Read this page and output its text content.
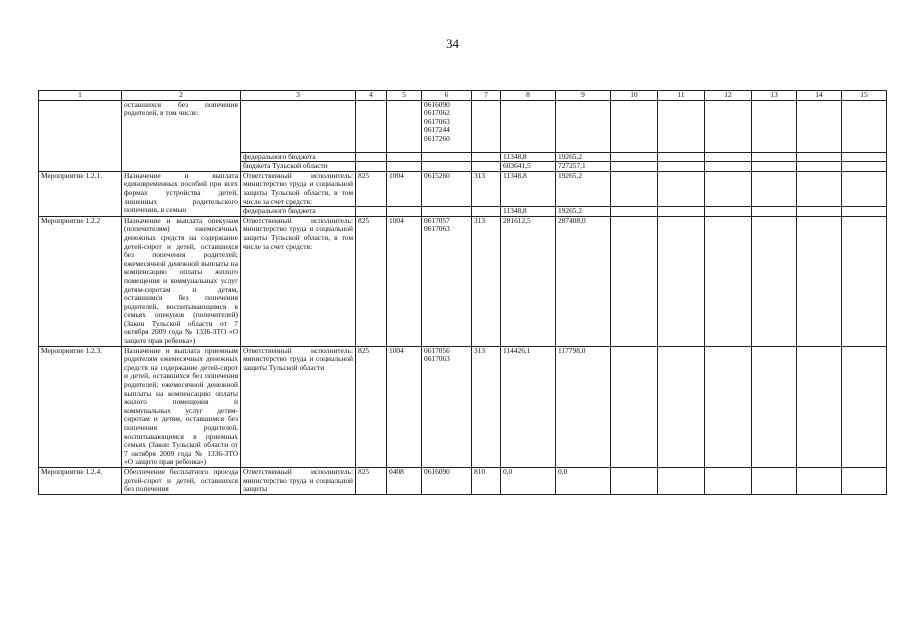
34
1	2	3	4	5	6	7	8	9	10	11	12	13	14	15
	оставшихся без попечения родителей, в том числе:				0616090
0617062
0617063
0617244
0617260									

		федерального бюджета					11348,8	19265,2						
		бюджета Тульской области					603641,5	727257,1						
Мероприятие 1.2.1.	Назначение и выплата единовременных пособий при всех формах устройства детей, лишенных родительского попечения, в семью	Ответственный исполнитель: министерство труда и социальной защиты Тульской области, в том числе за счет средств:	825	1004	0615260	313	11348,8	19265,2						
		федерального бюджета					11348,8	19265,2						
Мероприятие 1.2.2	Назначение и выплата опекунам (попечителям) ежемесячных денежных средств на содержание детей-сирот и детей, оставшихся без попечения родителей; ежемесячной денежной выплаты на компенсацию оплаты жилого помещения и коммунальных услуг детям-сиротам и детям, оставшимся без попечения родителей, воспитывающимся в семьях опекунов (попечителей) (Закон Тульской области от 7 октября 2009 года № 1336-ЗТО «О защите прав ребенка»)	Ответственный исполнитель: министерство труда и социальной защиты Тульской области, в том числе за счет средств:	825	1004	0617057
0617063	313	281612,5	287408,0						
Мероприятие 1.2.3.	Назначение и выплата приемным родителям ежемесячных денежных средств на содержание детей-сирот и детей, оставшихся без попечения родителей; ежемесячной денежной выплаты на компенсацию оплаты жилого помещения и коммунальных услуг детям-сиротам и детям, оставшимся без попечения родителей, воспитывающимся в приемных семьях (Закон Тульской области от 7 октября 2009 года № 1336-ЗТО «О защите прав ребенка»)	Ответственный исполнитель: министерство труда и социальной защиты Тульской области	825	1004	0617056
0617063	313	114426,1	117798,0						
Мероприятие 1.2.4.	Обеспечение бесплатного проезда детей-сирот и детей, оставшихся без попечения	Ответственный исполнитель: министерство труда и социальной защиты	825	0408	0616090	810	0,0	0,0						
